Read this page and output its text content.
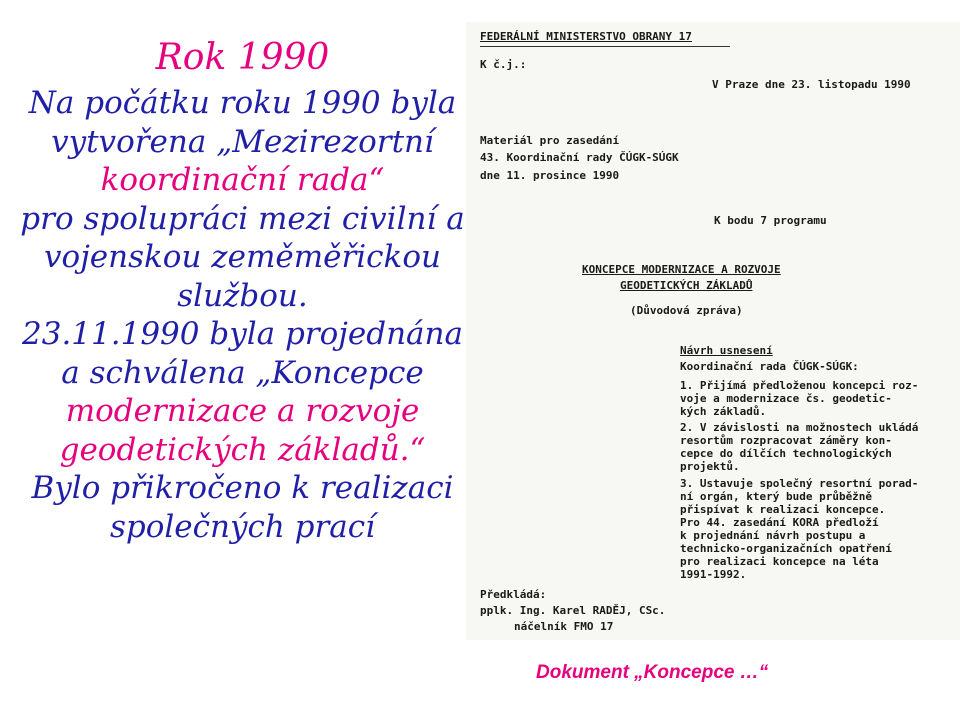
Rok 1990
Na počátku roku 1990 byla
vytvořena „Mezirezortní
koordinační rada“
pro spolupráci mezi civilní a
vojenskou zeměměřickou
službou.
23.11.1990 byla projednána
a schválena „Koncepce
modernizace a rozvoje
geodetických základů.“
Bylo přikročeno k realizaci
společných prací
FEDERÁLNÍ MINISTERSTVO OBRANY 17
K č.j.:
V Praze dne 23. listopadu 1990
Materiál pro zasedání
43. Koordinační rady ČÚGK-SÚGK
dne 11. prosince 1990
K bodu 7 programu
KONCEPCE MODERNIZACE A ROZVOJE
GEODETICKÝCH ZÁKLADŮ
(Důvodová zpráva)
Návrh usnesení
Koordinační rada ČÚGK-SÚGK:
1. Přijímá předloženou koncepci roz-
voje a modernizace čs. geodetic-
kých základů.
2. V závislosti na možnostech ukládá
resortům rozpracovat záměry kon-
cepce do dílčích technologických
projektů.
3. Ustavuje společný resortní porad-
ní orgán, který bude průběžně
přispívat k realizaci koncepce.
Pro 44. zasedání KORA předloží
k projednání návrh postupu a
technicko-organizačních opatření
pro realizaci koncepce na léta
1991-1992.
Předkládá:
pplk. Ing. Karel RADĚJ, CSc.
náčelník FMO 17
Dokument „Koncepce …“
